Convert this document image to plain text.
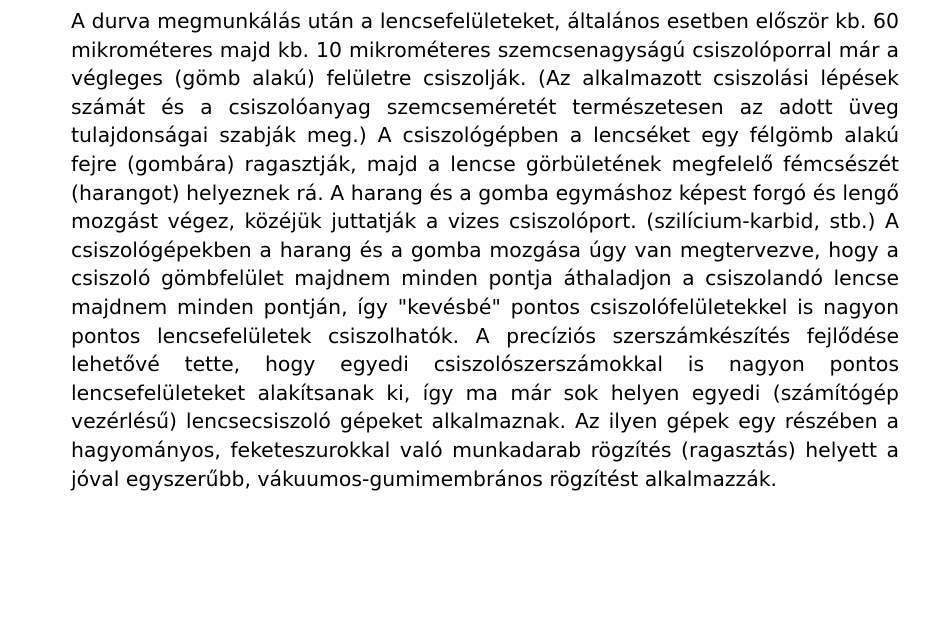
A durva megmunkálás után a lencsefelületeket, általános esetben először kb. 60 mikrométeres majd kb. 10 mikrométeres szemcsenagyságú csiszolóporral már a végleges (gömb alakú) felületre csiszolják. (Az alkalmazott csiszolási lépések számát és a csiszolóanyag szemcseméretét természetesen az adott üveg tulajdonságai szabják meg.) A csiszológépben a lencséket egy félgömb alakú fejre (gombára) ragasztják, majd a lencse görbületének megfelelő fémcsészét (harangot) helyeznek rá. A harang és a gomba egymáshoz képest forgó és lengő mozgást végez, közéjük juttatják a vizes csiszolóport. (szilícium-karbid, stb.) A csiszológépekben a harang és a gomba mozgása úgy van megtervezve, hogy a csiszoló gömbfelület majdnem minden pontja áthaladjon a csiszolandó lencse majdnem minden pontján, így "kevésbé" pontos csiszolófelületekkel is nagyon pontos lencsefelületek csiszolhatók. A precíziós szerszámkészítés fejlődése lehetővé tette, hogy egyedi csiszolószerszámokkal is nagyon pontos lencsefelületeket alakítsanak ki, így ma már sok helyen egyedi (számítógép vezérlésű) lencsecsiszoló gépeket alkalmaznak. Az ilyen gépek egy részében a hagyományos, feketeszurokkal való munkadarab rögzítés (ragasztás) helyett a jóval egyszerűbb, vákuumos-gumimembrános rögzítést alkalmazzák.
